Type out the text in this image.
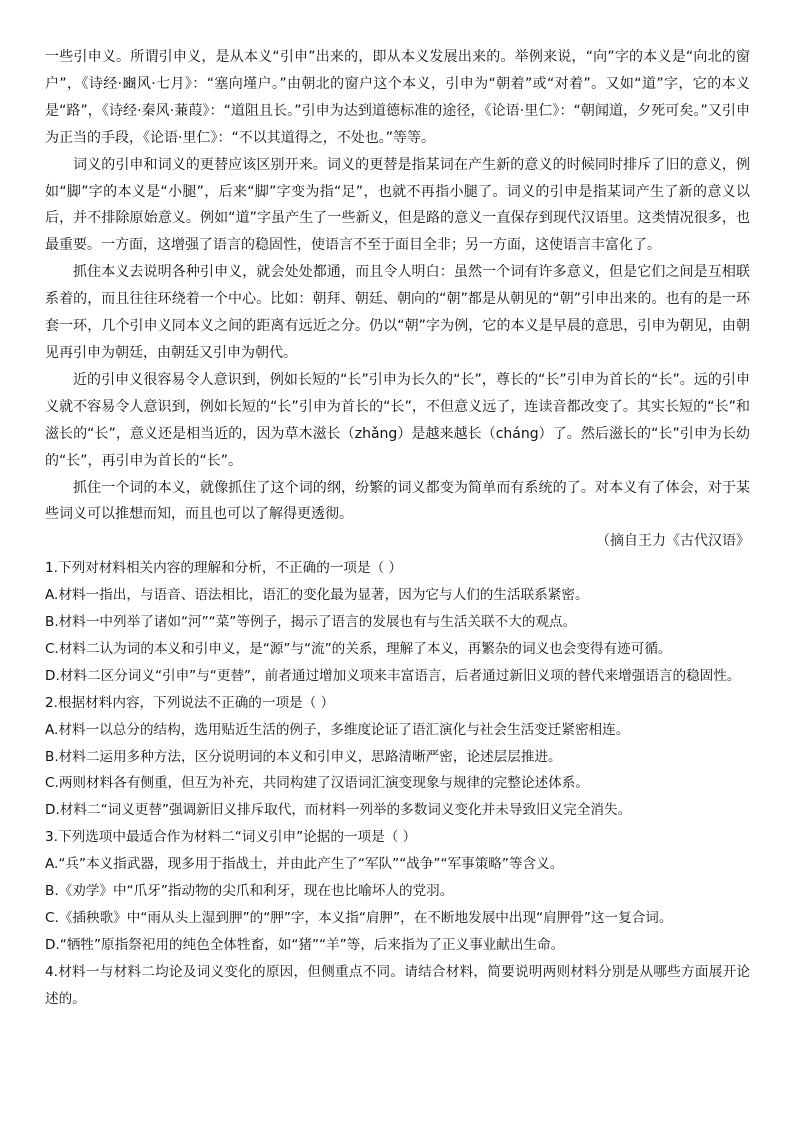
一些引申义。所谓引申义，是从本义“引申”出来的，即从本义发展出来的。举例来说，“向”字的本义是“向北的窗户”，《诗经·豳风·七月》：“塞向墐户。”由朝北的窗户这个本义，引申为“朝着”或“对着”。又如“道”字，它的本义是“路”，《诗经·秦风·蒹葭》：“道阻且长。”引申为达到道德标准的途径，《论语·里仁》：“朝闻道，夕死可矣。”又引申为正当的手段，《论语·里仁》：“不以其道得之，不处也。”等等。

词义的引申和词义的更替应该区别开来。词义的更替是指某词在产生新的意义的时候同时排斥了旧的意义，例如“脚”字的本义是“小腿”，后来“脚”字变为指“足”，也就不再指小腿了。词义的引申是指某词产生了新的意义以后，并不排除原始意义。例如“道”字虽产生了一些新义，但是路的意义一直保存到现代汉语里。这类情况很多，也最重要。一方面，这增强了语言的稳固性，使语言不至于面目全非；另一方面，这使语言丰富化了。

抓住本义去说明各种引申义，就会处处都通，而且令人明白：虽然一个词有许多意义，但是它们之间是互相联系着的，而且往往环绕着一个中心。比如：朝拜、朝廷、朝向的“朝”都是从朝见的“朝”引申出来的。也有的是一环套一环，几个引申义同本义之间的距离有远近之分。仍以“朝”字为例，它的本义是早晨的意思，引申为朝见，由朝见再引申为朝廷，由朝廷又引申为朝代。

近的引申义很容易令人意识到，例如长短的“长”引申为长久的“长”，尊长的“长”引申为首长的“长”。远的引申义就不容易令人意识到，例如长短的“长”引申为首长的“长”，不但意义远了，连读音都改变了。其实长短的“长”和滋长的“长”，意义还是相当近的，因为草木滋长（zhǎng）是越来越长（cháng）了。然后滋长的“长”引申为长幼的“长”，再引申为首长的“长”。

抓住一个词的本义，就像抓住了这个词的纲，纷繁的词义都变为简单而有系统的了。对本义有了体会，对于某些词义可以推想而知，而且也可以了解得更透彻。

（摘自王力《古代汉语》

1.下列对材料相关内容的理解和分析，不正确的一项是（ ）

A.材料一指出，与语音、语法相比，语汇的变化最为显著，因为它与人们的生活联系紧密。

B.材料一中列举了诸如“河”“菜”等例子，揭示了语言的发展也有与生活关联不大的观点。

C.材料二认为词的本义和引申义，是“源”与“流”的关系，理解了本义，再繁杂的词义也会变得有迹可循。

D.材料二区分词义“引申”与“更替”，前者通过增加义项来丰富语言，后者通过新旧义项的替代来增强语言的稳固性。

2.根据材料内容，下列说法不正确的一项是（ ）

A.材料一以总分的结构，选用贴近生活的例子，多维度论证了语汇演化与社会生活变迁紧密相连。

B.材料二运用多种方法，区分说明词的本义和引申义，思路清晰严密，论述层层推进。

C.两则材料各有侧重，但互为补充，共同构建了汉语词汇演变现象与规律的完整论述体系。

D.材料二“词义更替”强调新旧义排斥取代，而材料一列举的多数词义变化并未导致旧义完全消失。

3.下列选项中最适合作为材料二“词义引申”论据的一项是（ ）

A.“兵”本义指武器，现多用于指战士，并由此产生了“军队”“战争”“军事策略”等含义。

B.《劝学》中“爪牙”指动物的尖爪和利牙，现在也比喻坏人的党羽。

C.《插秧歌》中“雨从头上湿到胛”的“胛”字，本义指“肩胛”，在不断地发展中出现“肩胛骨”这一复合词。

D.“牺牲”原指祭祀用的纯色全体牲畜，如“猪”“羊”等，后来指为了正义事业献出生命。

4.材料一与材料二均论及词义变化的原因，但侧重点不同。请结合材料，简要说明两则材料分别是从哪些方面展开论述的。
